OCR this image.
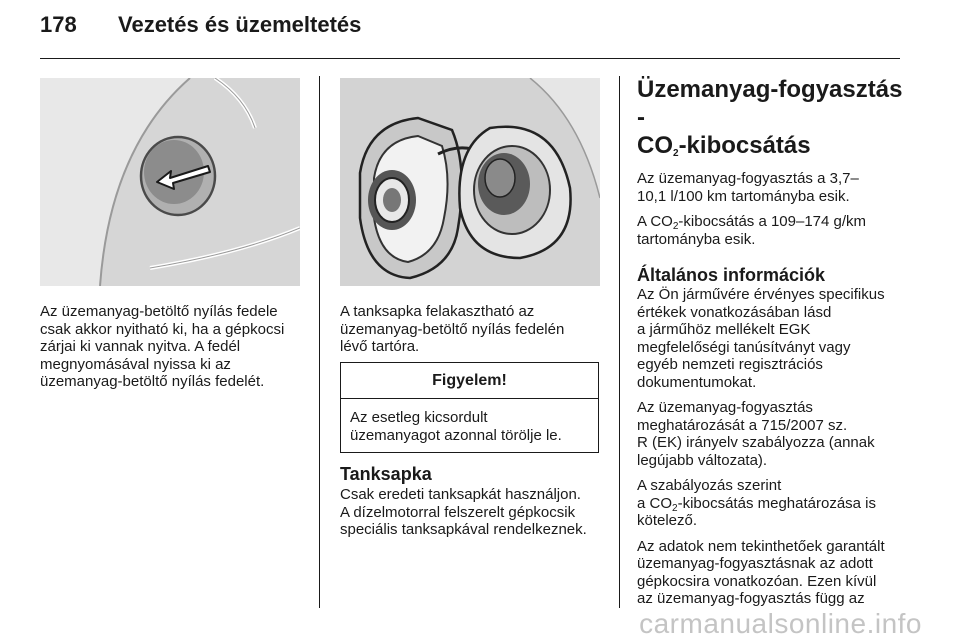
178 Vezetés és üzemeltetés

Az üzemanyag-betöltő nyílás fedele
csak akkor nyitható ki, ha a gépkocsi
zárjai ki vannak nyitva. A fedél
megnyomásával nyissa ki az
üzemanyag-betöltő nyílás fedelét.

A tanksapka felakasztható az
üzemanyag-betöltő nyílás fedelén
lévő tartóra.

Figyelem!
Az esetleg kicsordult
üzemanyagot azonnal törölje le.
Tanksapka

Csak eredeti tanksapkát használjon.
A dízelmotorral felszerelt gépkocsik
speciális tanksapkával rendelkeznek.

Üzemanyag-fogyasztás -
$CO_2$-kibocsátás

Az üzemanyag-fogyasztás a 3,7–
10,1 l/100 km tartományba esik.

A $CO_2$-kibocsátás a 109–174 g/km
tartományba esik.

Általános információk

Az Ön járművére érvényes specifikus
értékek vonatkozásában lásd
a járműhöz mellékelt EGK
megfelelőségi tanúsítványt vagy
egyéb nemzeti regisztrációs
dokumentumokat.

Az üzemanyag-fogyasztás
meghatározását a 715/2007 sz.
R (EK) irányelv szabályozza (annak
legújabb változata).

A szabályozás szerint
a $CO_2$-kibocsátás meghatározása is
kötelező.

Az adatok nem tekinthetőek garantált
üzemanyag-fogyasztásnak az adott
gépkocsira vonatkozóan. Ezen kívül
az üzemanyag-fogyasztás függ az

carmanualsonline.info
